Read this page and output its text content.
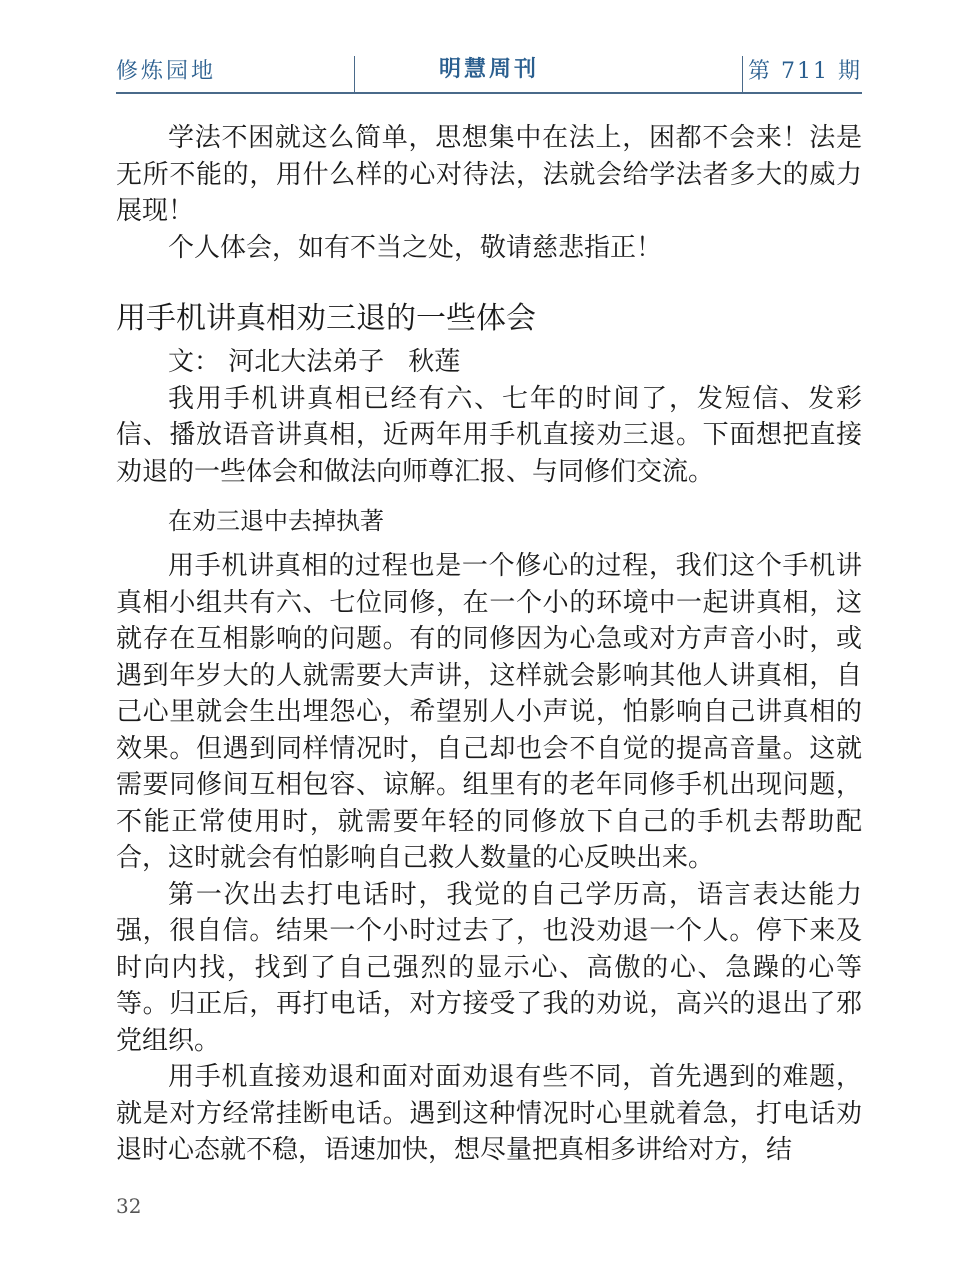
修炼园地	明慧周刊	第 711 期

学法不困就这么简单，思想集中在法上，困都不会来！法是无所不能的，用什么样的心对待法，法就会给学法者多大的威力展现！

个人体会，如有不当之处，敬请慈悲指正！

用手机讲真相劝三退的一些体会

文： 河北大法弟子 秋莲

我用手机讲真相已经有六、七年的时间了，发短信、发彩信、播放语音讲真相，近两年用手机直接劝三退。下面想把直接劝退的一些体会和做法向师尊汇报、与同修们交流。

在劝三退中去掉执著

用手机讲真相的过程也是一个修心的过程，我们这个手机讲真相小组共有六、七位同修，在一个小的环境中一起讲真相，这就存在互相影响的问题。有的同修因为心急或对方声音小时，或遇到年岁大的人就需要大声讲，这样就会影响其他人讲真相，自己心里就会生出埋怨心，希望别人小声说，怕影响自己讲真相的效果。但遇到同样情况时，自己却也会不自觉的提高音量。这就需要同修间互相包容、谅解。组里有的老年同修手机出现问题，不能正常使用时，就需要年轻的同修放下自己的手机去帮助配合，这时就会有怕影响自己救人数量的心反映出来。

第一次出去打电话时，我觉的自己学历高，语言表达能力强，很自信。结果一个小时过去了，也没劝退一个人。停下来及时向内找，找到了自己强烈的显示心、高傲的心、急躁的心等等。归正后，再打电话，对方接受了我的劝说，高兴的退出了邪党组织。

用手机直接劝退和面对面劝退有些不同，首先遇到的难题，就是对方经常挂断电话。遇到这种情况时心里就着急，打电话劝退时心态就不稳，语速加快，想尽量把真相多讲给对方，结

32
